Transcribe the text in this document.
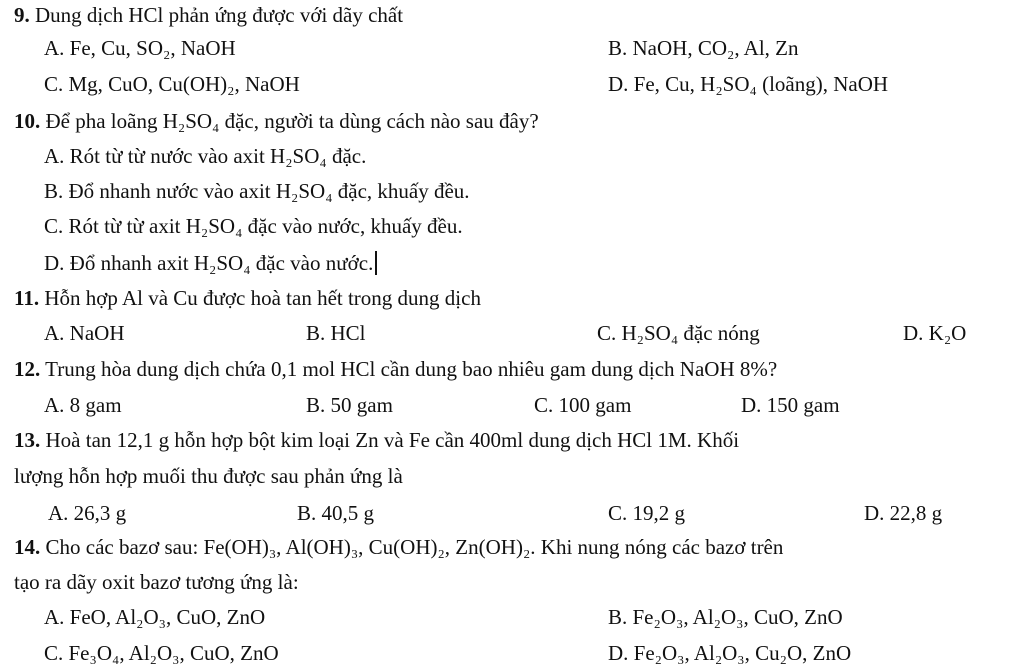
9. Dung dịch HCl phản ứng được với dãy chất
A. Fe, Cu, SO₂, NaOH	B. NaOH, CO₂, Al, Zn
C. Mg, CuO, Cu(OH)₂, NaOH	D. Fe, Cu, H₂SO₄ (loãng), NaOH
10. Để pha loãng H₂SO₄ đặc, người ta dùng cách nào sau đây?
A. Rót từ từ nước vào axit H₂SO₄ đặc.
B. Đổ nhanh nước vào axit H₂SO₄ đặc, khuấy đều.
C. Rót từ từ axit H₂SO₄ đặc vào nước, khuấy đều.
D. Đổ nhanh axit H₂SO₄ đặc vào nước.
11. Hỗn hợp Al và Cu được hoà tan hết trong dung dịch
A. NaOH	B. HCl	C. H₂SO₄ đặc nóng	D. K₂O
12. Trung hòa dung dịch chứa 0,1 mol HCl cần dung bao nhiêu gam dung dịch NaOH 8%?
A. 8 gam	B. 50 gam	C. 100 gam	D. 150 gam
13. Hoà tan 12,1 g hỗn hợp bột kim loại Zn và Fe cần 400ml dung dịch HCl 1M. Khối
lượng hỗn hợp muối thu được sau phản ứng là
A. 26,3 g	B. 40,5 g	C. 19,2 g	D. 22,8 g
14. Cho các bazơ sau: Fe(OH)₃, Al(OH)₃, Cu(OH)₂, Zn(OH)₂. Khi nung nóng các bazơ trên
tạo ra dãy oxit bazơ tương ứng là:
A. FeO, Al₂O₃, CuO, ZnO	B. Fe₂O₃, Al₂O₃, CuO, ZnO
C. Fe₃O₄, Al₂O₃, CuO, ZnO	D. Fe₂O₃, Al₂O₃, Cu₂O, ZnO
